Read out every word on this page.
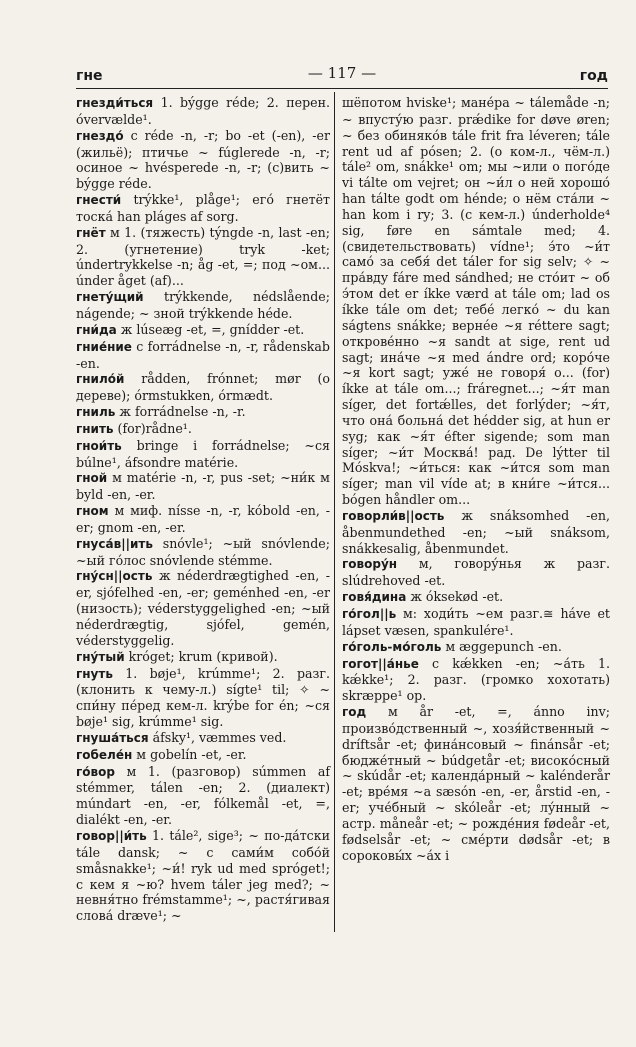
гне	— 117 —	год

гнезди́ться 1. býgge réde; 2. перен. óvervælde¹.

гнездо́ с réde -n, -r; bo -et (-en), -er (жильё); птичье ~ fúglerede -n, -r; осиное ~ hvésperede -n, -r; (с)вить ~ býgge réde.

гнести́ trýkke¹, plåge¹; его́ гнетёт тоска́ han pláges af sorg.

гнёт м 1. (тяжесть) týngde -n, last -en; 2. (угнетение) tryk -ket; úndertrykkelse -n; åg -et, =; под ~ом... únder åget (af)...

гнету́щий trýkkende, nédslående; nágende; ~ зной trýkkende héde.

гни́да ж lúseæg -et, =, gnídder -et.

гние́ние с forrádnelse -n, -r, rådenskab -en.

гнило́й rådden, frónnet; mør (о дереве); órmstukken, órmædt.

гниль ж forrádnelse -n, -r.

гнить (for)rådne¹.

гнои́ть bringe i forrádnelse; ~ся búlne¹, áfsondre matérie.

гной м matérie -n, -r, pus -set; ~ни́к м byld -en, -er.

гном м миф. nísse -n, -r, kóbold -en, -er; gnom -en, -er.

гнуса́в||ить snóvle¹; ~ый snóvlende; ~ый го́лос snóvlende stémme.

гну́сн||ость ж néderdrægtighed -en, -er, sjófelhed -en, -er; geménhed -en, -er (низость); véderstyggelighed -en; ~ый néderdrægtig, sjófel, gemén, véderstyggelig.

гну́тый króget; krum (кривой).

гнуть 1. bøje¹, krúmme¹; 2. разг. (клонить к чему-л.) sígte¹ til; ✧ ~ спи́ну пе́ред кем-л. krýbe for én; ~ся bøje¹ sig, krúmme¹ sig.

гнуша́ться áfsky¹, væmmes ved.

гобеле́н м gobelín -et, -er.

го́вор м 1. (разговор) súmmen af stémmer, tálen -en; 2. (диалект) múndart -en, -er, fólkemål -et, =, dialékt -en, -er.

говор||и́ть 1. tále², sige³; ~ по-да́тски tále dansk; ~ с сами́м собо́й småsnakke¹; ~и́! ryk ud med spróget!; с кем я ~ю? hvem táler jeg med?; ~ невня́тно frémstamme¹; ~, растя́гивая слова́ dræve¹; ~

шёпотом hviske¹; мане́ра ~ tálemåde -n; ~ впусту́ю разг. prǽdike for døve øren; ~ без обиняко́в tále frit fra léveren; tále rent ud af pósen; 2. (о ком-л., чём-л.) tále² om, snákke¹ om; мы ~или о пого́де vi tálte om vejret; он ~и́л о ней хорошо́ han tálte godt om hénde; о нём ста́ли ~ han kom i ry; 3. (с кем-л.) únderholde⁴ sig, føre en sámtale med; 4. (свидетельствовать) vídne¹; э́то ~и́т само́ за себя́ det táler for sig selv; ✧ ~ пра́вду fáre med sándhed; не сто́ит ~ об э́том det er íkke værd at tále om; lad os íkke tále om det; тебе́ легко́ ~ du kan ságtens snákke; вернée ~я réttere sagt; открове́нно ~я sandt at sige, rent ud sagt; ина́че ~я med ándre ord; коро́че ~я kort sagt; уже́ не говоря́ о... (for) íkke at tále om...; fráregnet...; ~я́т man síger, det fortǽlles, det forlýder; ~я́т, что она́ больна́ det hédder sig, at hun er syg; как ~я́т éfter sigende; som man síger; ~и́т Москва́! рад. De lýtter til Móskva!; ~и́ться: как ~и́тся som man síger; man vil víde at; в кни́ге ~и́тся... bógen håndler om...

говорли́в||ость ж snáksomhed -en, åbenmundethed -en; ~ый snáksom, snákkesalig, åbenmundet.

говору́н м, говору́нья ж разг. slúdrehoved -et.

говя́дина ж óksekød -et.

го́гол||ь м: ходи́ть ~ем разг.≅ háve et lápset væsen, spankulére¹.

го́голь-мо́голь м æggepunch -en.

гогот||а́нье с kǽkken -en; ~а́ть 1. kǽkke¹; 2. разг. (громко хохотать) skræppe¹ op.

год м år -et, =, ánno inv; произво́дственный ~, хозя́йственный ~ dríftsår -et; фина́нсовый ~ finánsår -et; бюдже́тный ~ búdgetår -et; високо́сный ~ skúdår -et; календа́рный ~ kalénderår -et; вре́мя ~а sæsón -en, -er, årstid -en, -er; уче́бный ~ skóleår -et; лу́нный ~ астр. måneår -et; ~ рожде́ния fødeår -et, fødselsår -et; ~ сме́рти dødsår -et; в сороковы́х ~а́х i
